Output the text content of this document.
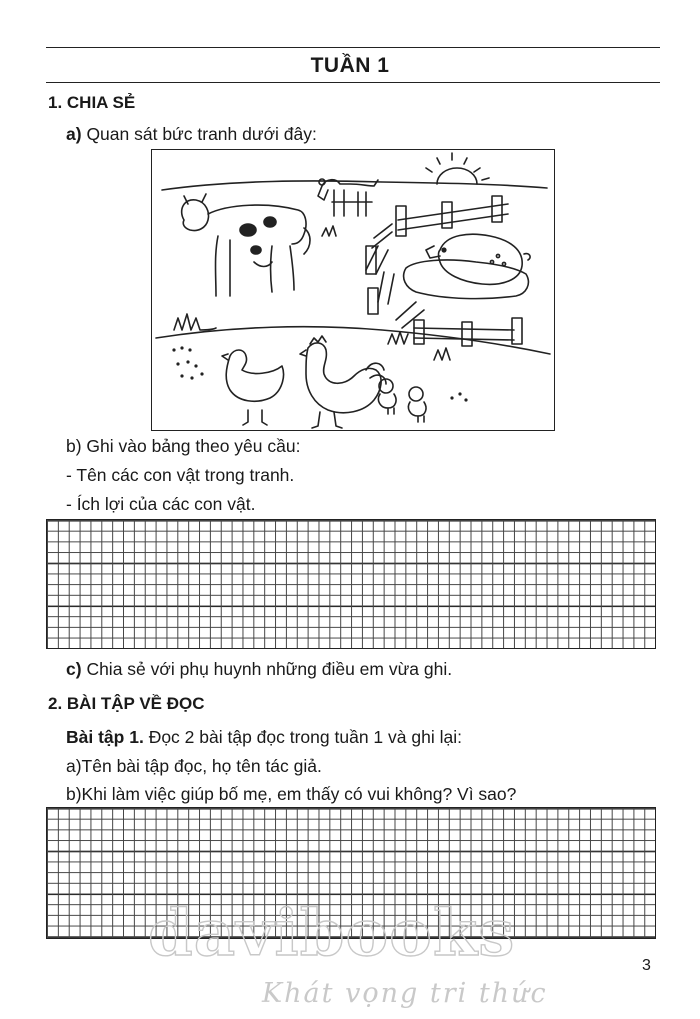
TUẦN 1
1. CHIA SẺ
a) Quan sát bức tranh dưới đây:
b) Ghi vào bảng theo yêu cầu:
- Tên các con vật trong tranh.
- Ích lợi của các con vật.
c) Chia sẻ với phụ huynh những điều em vừa ghi.
2. BÀI TẬP VỀ ĐỌC
Bài tập 1. Đọc 2 bài tập đọc trong tuần 1 và ghi lại:
a)Tên bài tập đọc, họ tên tác giả.
b)Khi làm việc giúp bố mẹ, em thấy có vui không? Vì sao?
davibooks
Khát vọng tri thức
3
